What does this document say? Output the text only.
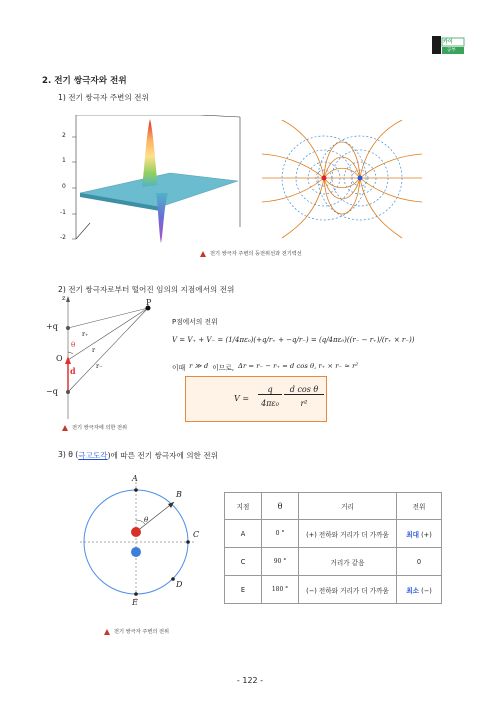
카이
공부
2. 전기 쌍극자와 전위
1) 전기 쌍극자 주변의 전위
2
1
0
-1
-2
전기 쌍극자 주변의 등전위선과 전기력선
2) 전기 쌍극자로부터 떨어진 임의의 지점에서의 전위
z	P
+q
r₊
θ
r
O
d	r₋
−q
전기 쌍극자에 의한 전위
P점에서의 전위
V = V₊ + V₋ = (1/4πε₀)(+q/r₊ + −q/r₋) = (q/4πε₀)((r₋ − r₊)/(r₊ × r₋))
이때 r ≫ d 이므로, Δr = r₋ − r₊ = d cos θ, r₊ × r₋ ≈ r²
V =
q
4πε₀
d cos θ
r²
3) θ ( 극고도각 )에 따른 전기 쌍극자에 의한 전위
A
B
θ
C
D
E
전기 쌍극자 주변의 전위
지점	θ	거리	전위
A	0 °	(+) 전하와 거리가 더 가까움	최대 (+)
C	90 °	거리가 같음	0
E	180 °	(−) 전하와 거리가 더 가까움	최소 (−)
- 122 -
